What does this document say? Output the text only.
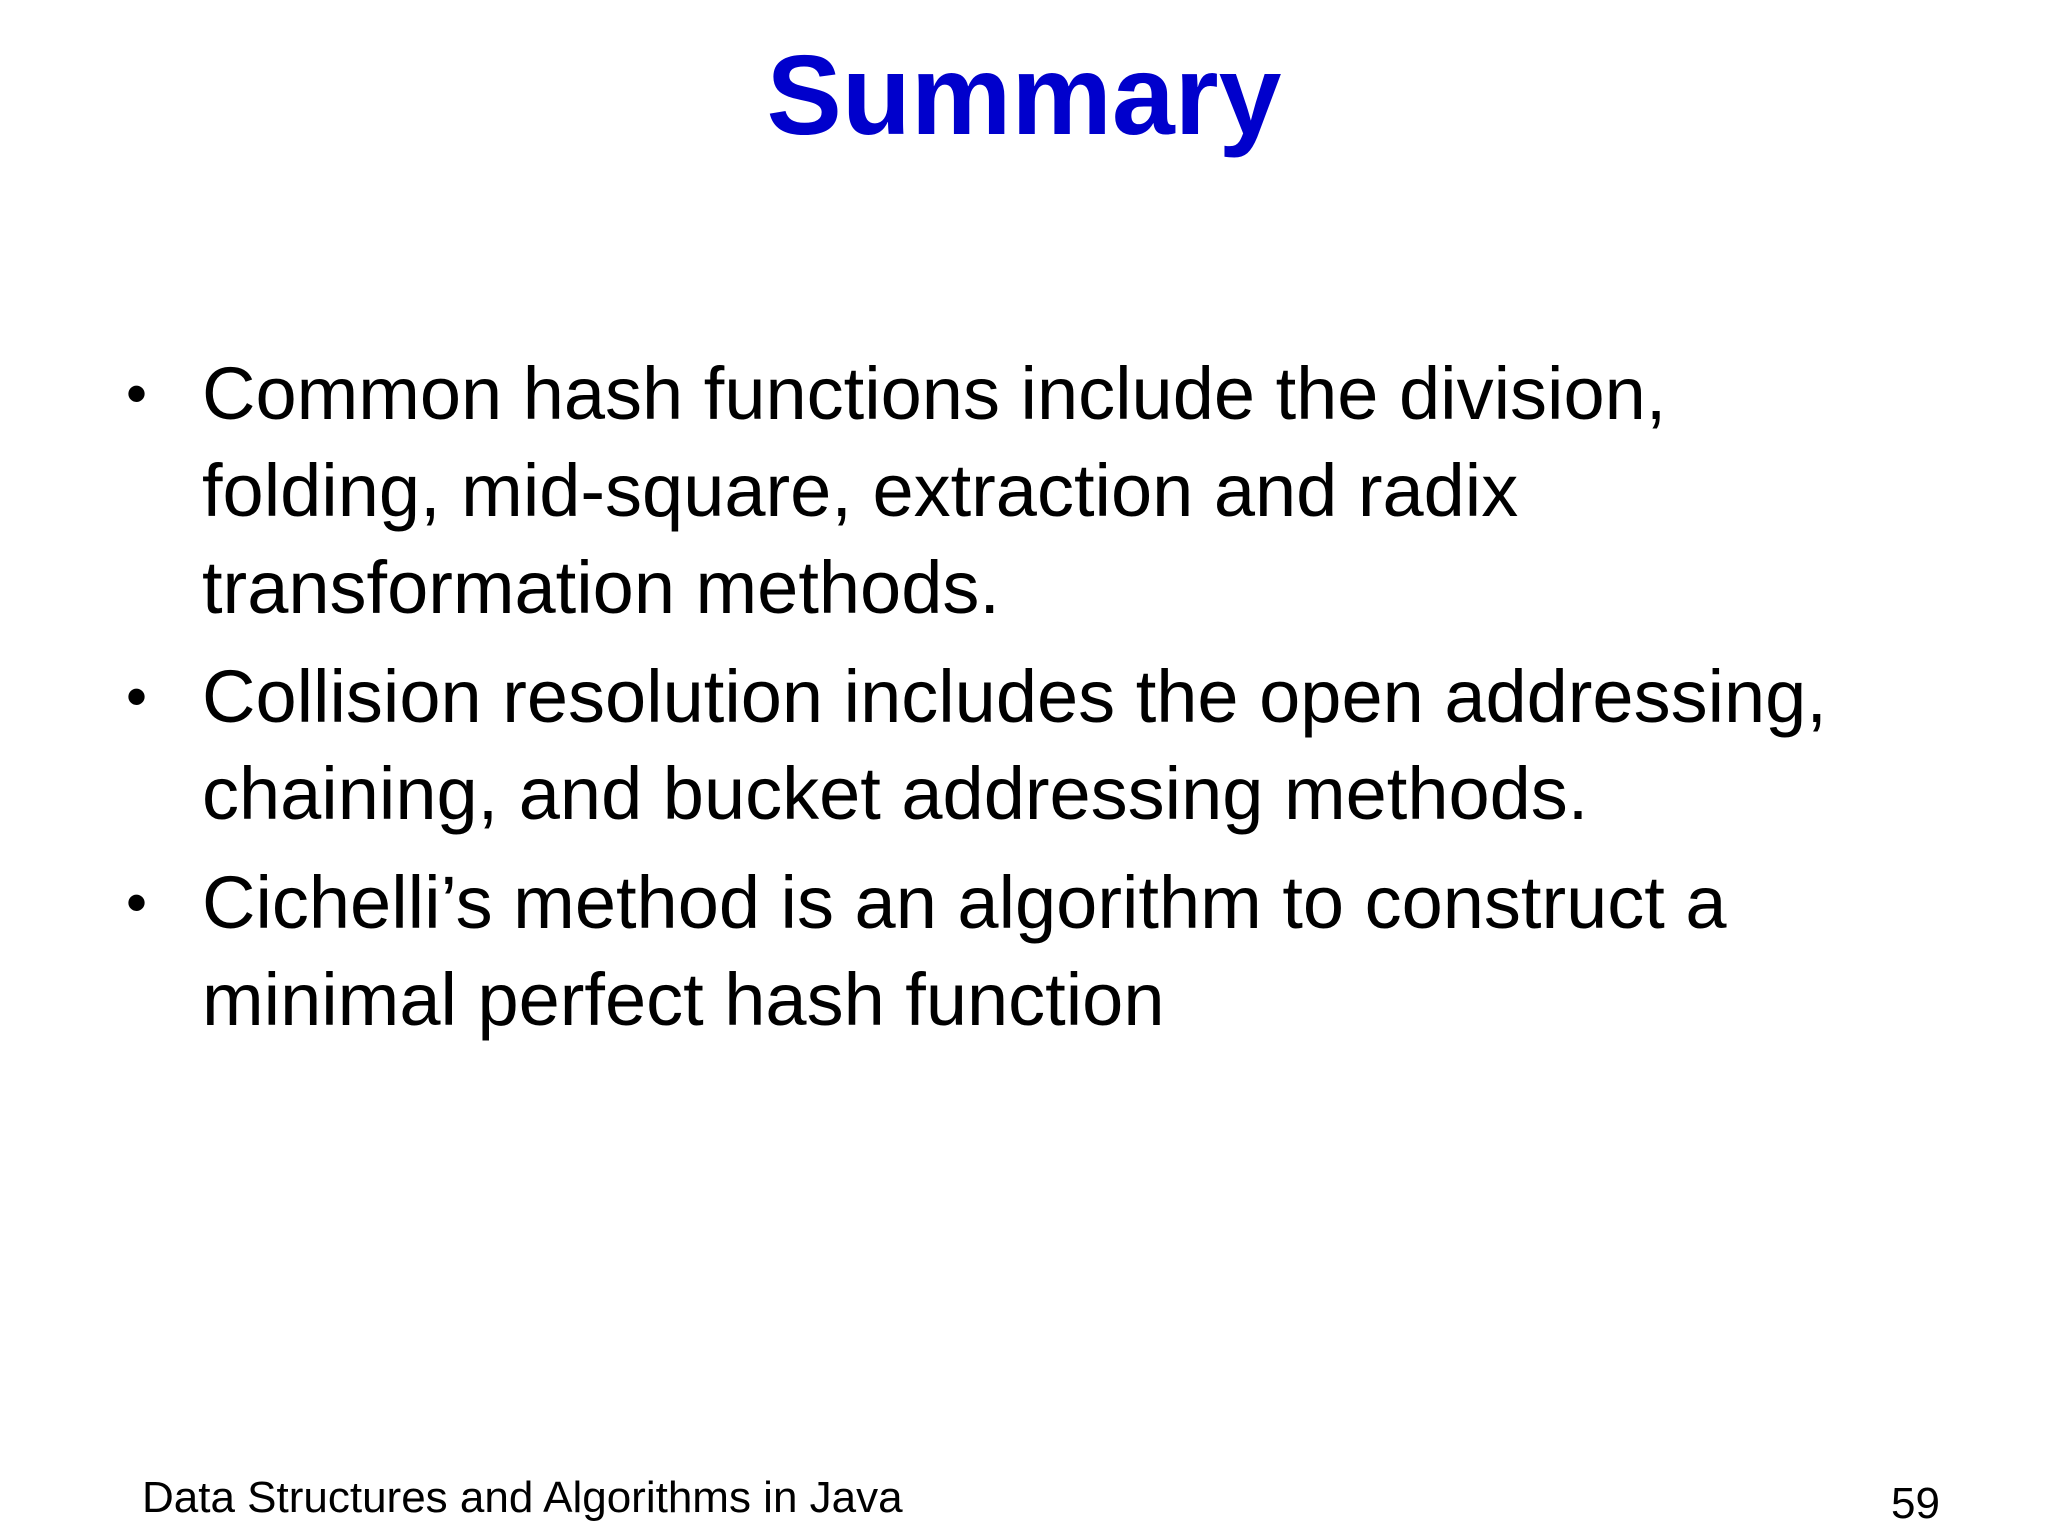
Summary
• Common hash functions include the division, folding, mid-square, extraction and radix transformation methods.
• Collision resolution includes the open addressing, chaining, and bucket addressing methods.
• Cichelli’s method is an algorithm to construct a minimal perfect hash function
Data Structures and Algorithms in Java	59
